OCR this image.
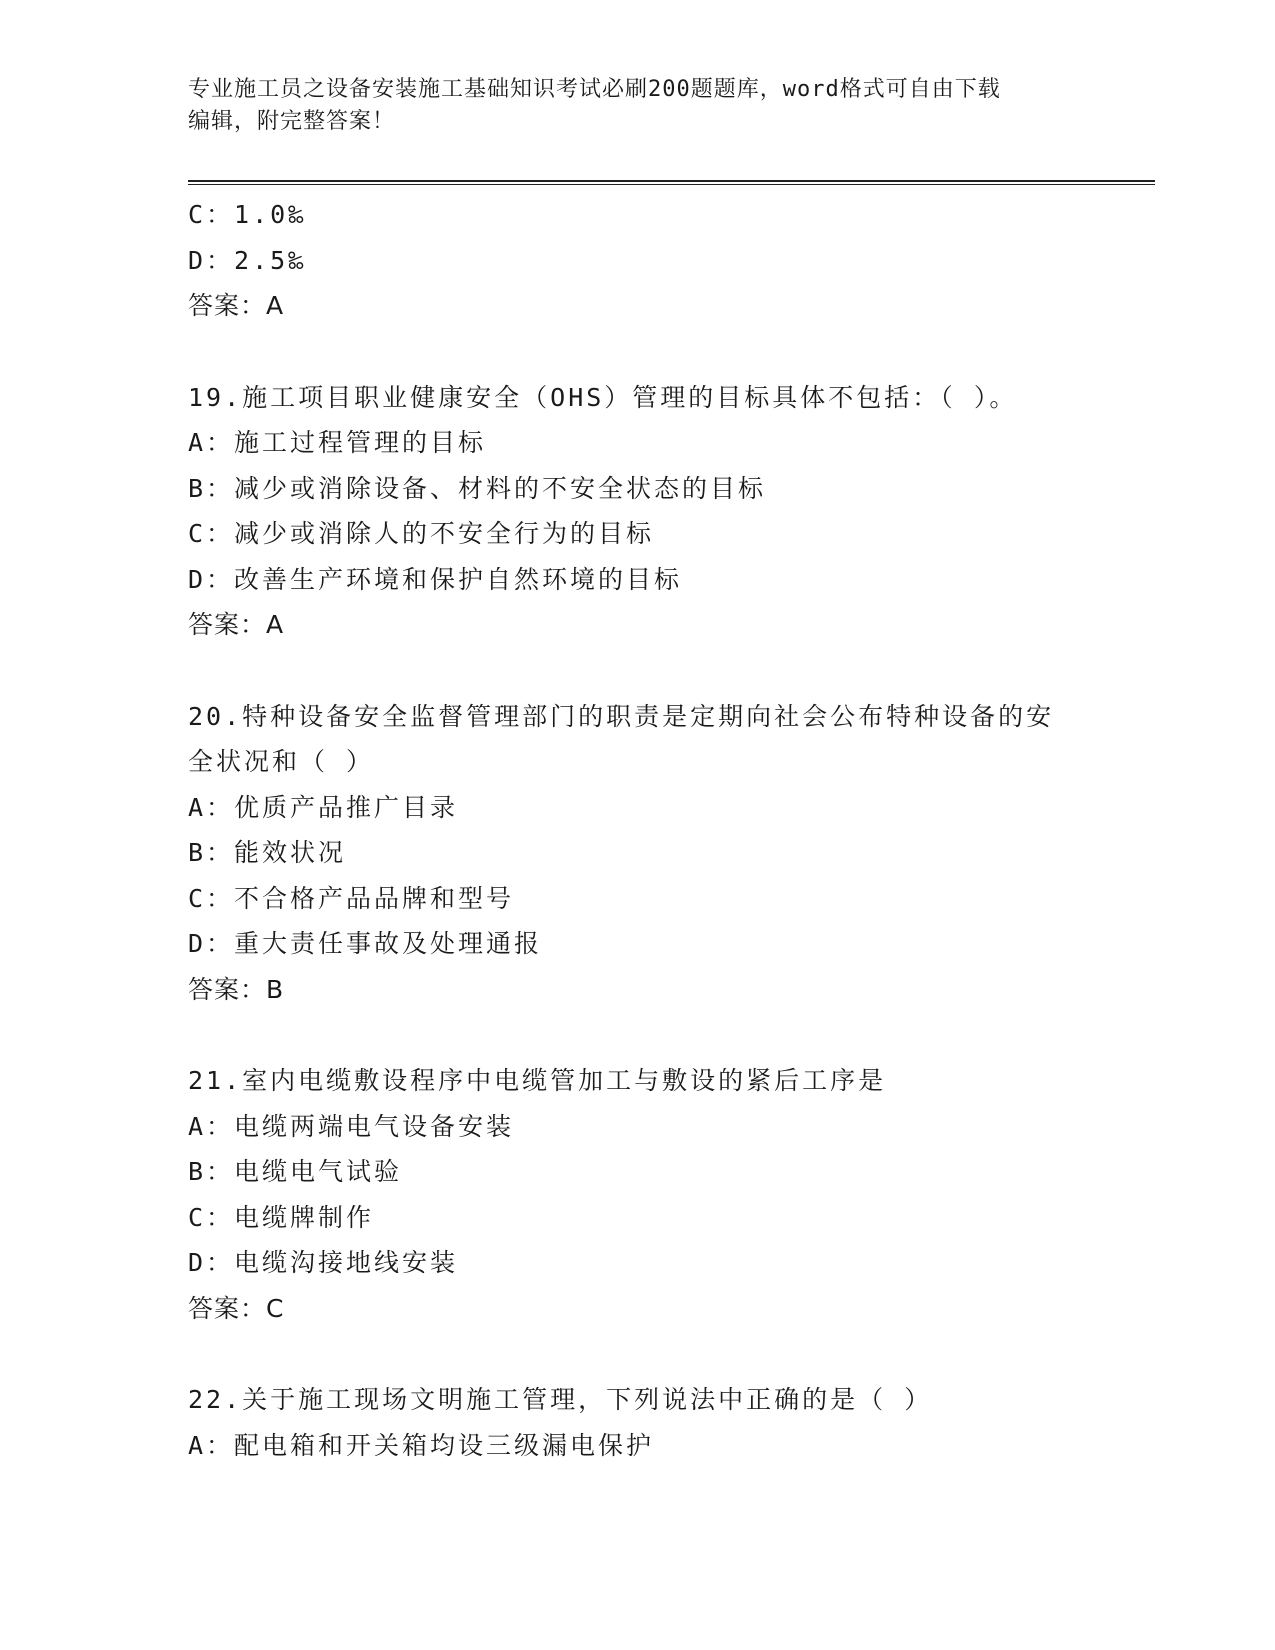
专业施工员之设备安装施工基础知识考试必刷200题题库，word格式可自由下载
编辑，附完整答案！
C：1.0‰
D：2.5‰
答案：A
19.施工项目职业健康安全（OHS）管理的目标具体不包括：（ ）。
A：施工过程管理的目标
B：减少或消除设备、材料的不安全状态的目标
C：减少或消除人的不安全行为的目标
D：改善生产环境和保护自然环境的目标
答案：A
20.特种设备安全监督管理部门的职责是定期向社会公布特种设备的安
全状况和（ ）
A：优质产品推广目录
B：能效状况
C：不合格产品品牌和型号
D：重大责任事故及处理通报
答案：B
21.室内电缆敷设程序中电缆管加工与敷设的紧后工序是
A：电缆两端电气设备安装
B：电缆电气试验
C：电缆牌制作
D：电缆沟接地线安装
答案：C
22.关于施工现场文明施工管理，下列说法中正确的是（ ）
A：配电箱和开关箱均设三级漏电保护
